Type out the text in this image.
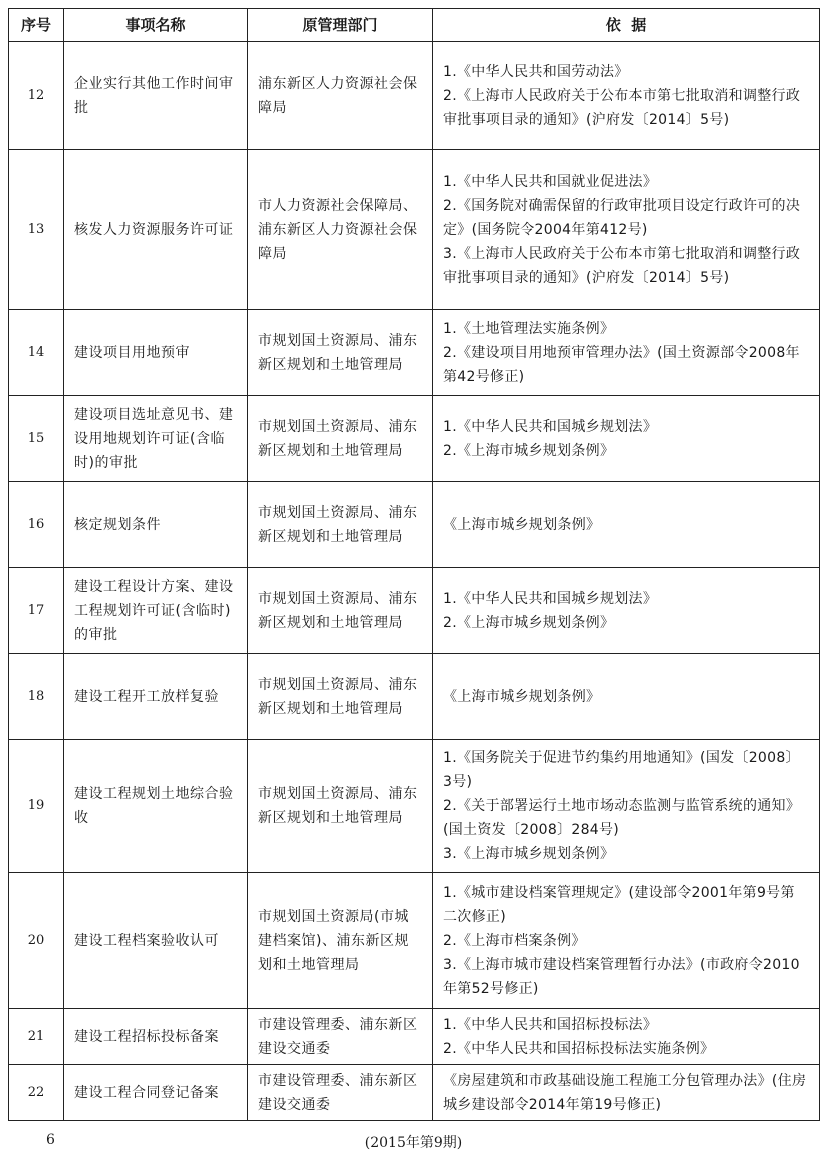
序号	事项名称	原管理部门	依  据
12	企业实行其他工作时间审批	浦东新区人力资源社会保障局	1.《中华人民共和国劳动法》
2.《上海市人民政府关于公布本市第七批取消和调整行政审批事项目录的通知》(沪府发〔2014〕5号)

13	核发人力资源服务许可证	市人力资源社会保障局、浦东新区人力资源社会保障局	1.《中华人民共和国就业促进法》
2.《国务院对确需保留的行政审批项目设定行政许可的决定》(国务院令2004年第412号)
3.《上海市人民政府关于公布本市第七批取消和调整行政审批事项目录的通知》(沪府发〔2014〕5号)

14	建设项目用地预审	市规划国土资源局、浦东新区规划和土地管理局	1.《土地管理法实施条例》
2.《建设项目用地预审管理办法》(国土资源部令2008年第42号修正)

15	建设项目选址意见书、建设用地规划许可证(含临时)的审批	市规划国土资源局、浦东新区规划和土地管理局	1.《中华人民共和国城乡规划法》
2.《上海市城乡规划条例》

16	核定规划条件	市规划国土资源局、浦东新区规划和土地管理局	《上海市城乡规划条例》

17	建设工程设计方案、建设工程规划许可证(含临时)的审批	市规划国土资源局、浦东新区规划和土地管理局	1.《中华人民共和国城乡规划法》
2.《上海市城乡规划条例》

18	建设工程开工放样复验	市规划国土资源局、浦东新区规划和土地管理局	《上海市城乡规划条例》

19	建设工程规划土地综合验收	市规划国土资源局、浦东新区规划和土地管理局	1.《国务院关于促进节约集约用地通知》(国发〔2008〕3号)
2.《关于部署运行土地市场动态监测与监管系统的通知》(国土资发〔2008〕284号)
3.《上海市城乡规划条例》

20	建设工程档案验收认可	市规划国土资源局(市城建档案馆)、浦东新区规划和土地管理局	1.《城市建设档案管理规定》(建设部令2001年第9号第二次修正)
2.《上海市档案条例》
3.《上海市城市建设档案管理暂行办法》(市政府令2010年第52号修正)

21	建设工程招标投标备案	市建设管理委、浦东新区建设交通委	1.《中华人民共和国招标投标法》
2.《中华人民共和国招标投标法实施条例》

22	建设工程合同登记备案	市建设管理委、浦东新区建设交通委	《房屋建筑和市政基础设施工程施工分包管理办法》(住房城乡建设部令2014年第19号修正)
6	(2015年第9期)
